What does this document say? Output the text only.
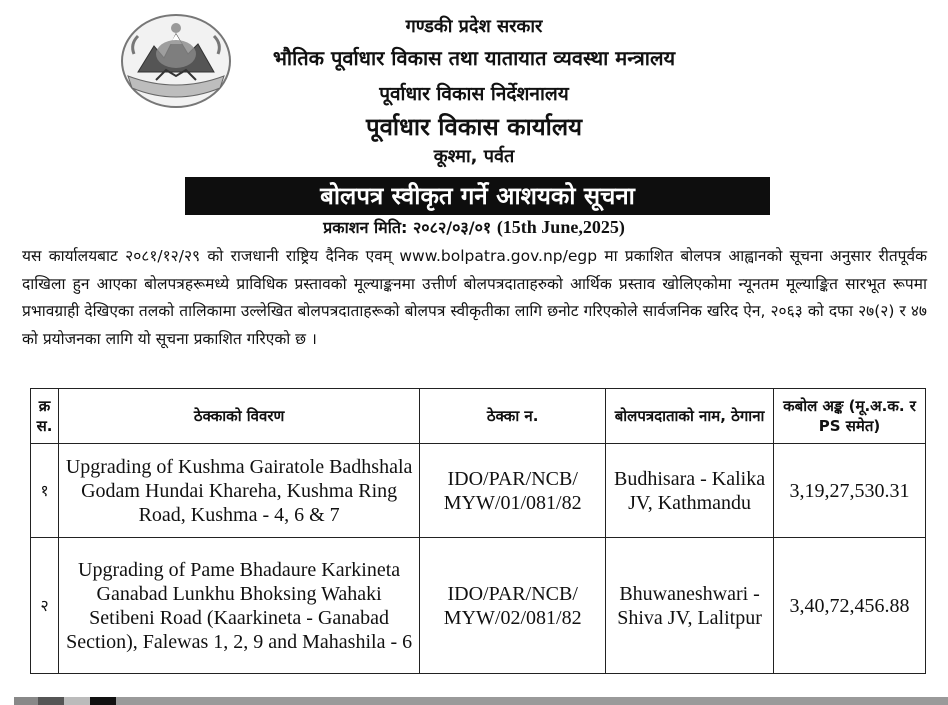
गण्डकी प्रदेश सरकार
भौतिक पूर्वाधार विकास तथा यातायात व्यवस्था मन्त्रालय
पूर्वाधार विकास निर्देशनालय
पूर्वाधार विकास कार्यालय
कूश्मा, पर्वत
बोलपत्र स्वीकृत गर्ने आशयको सूचना
प्रकाशन मिति: २०८२/०३/०१ (15th June,2025)
यस कार्यालयबाट २०८१/१२/२९ को राजधानी राष्ट्रिय दैनिक एवम् www.bolpatra.gov.np/egp मा प्रकाशित बोलपत्र आह्वानको सूचना अनुसार रीतपूर्वक दाखिला हुन आएका बोलपत्रहरूमध्ये प्राविधिक प्रस्तावको मूल्याङ्कनमा उत्तीर्ण बोलपत्रदाताहरुको आर्थिक प्रस्ताव खोलिएकोमा न्यूनतम मूल्याङ्कित सारभूत रूपमा प्रभावग्राही देखिएका तलको तालिकामा उल्लेखित बोलपत्रदाताहरूको बोलपत्र स्वीकृतीका लागि छनोट गरिएकोले सार्वजनिक खरिद ऐन, २०६३ को दफा २७(२) र ४७ को प्रयोजनका लागि यो सूचना प्रकाशित गरिएको छ ।
क्र स.	ठेक्काको विवरण	ठेक्का न.	बोलपत्रदाताको नाम, ठेगाना	कबोल अङ्क (मू.अ.क. र PS समेत)
१	Upgrading of Kushma Gairatole Badhshala Godam Hundai Khareha, Kushma Ring Road, Kushma - 4, 6 & 7	IDO/PAR/NCB/ MYW/01/081/82	Budhisara - Kalika JV, Kathmandu	3,19,27,530.31
२	Upgrading of Pame Bhadaure Karkineta Ganabad Lunkhu Bhoksing Wahaki Setibeni Road (Kaarkineta - Ganabad Section), Falewas 1, 2, 9 and Mahashila - 6	IDO/PAR/NCB/ MYW/02/081/82	Bhuwaneshwari - Shiva JV, Lalitpur	3,40,72,456.88
